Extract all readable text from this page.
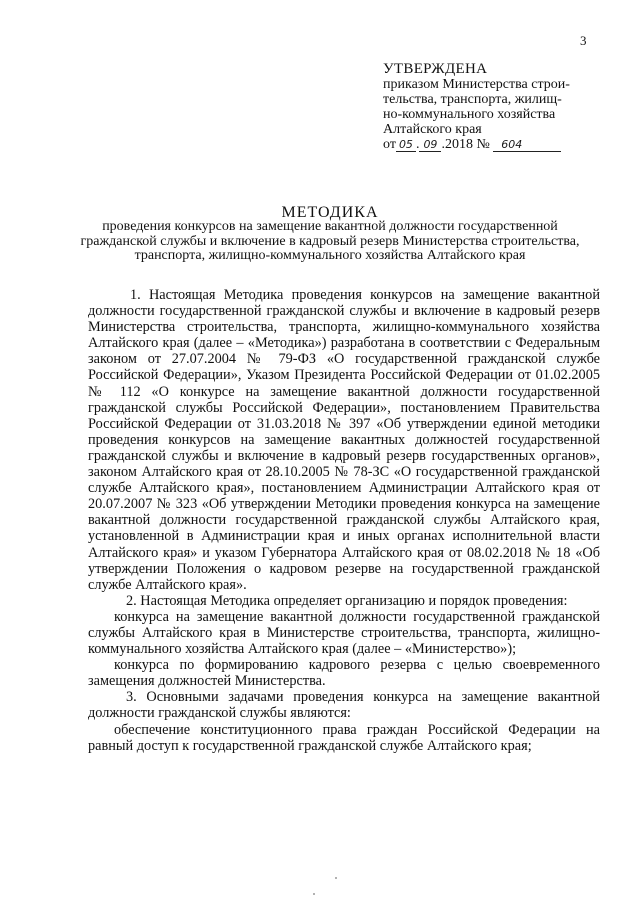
3
УТВЕРЖДЕНА
приказом Министерства строи-
тельства, транспорта, жилищ-
но-коммунального хозяйства
Алтайского края
от 05 . 09 .2018 № 604
МЕТОДИКА
проведения конкурсов на замещение вакантной должности государственной гражданской службы и включение в кадровый резерв Министерства строительства, транспорта, жилищно-коммунального хозяйства Алтайского края

1. Настоящая Методика проведения конкурсов на замещение вакантной должности государственной гражданской службы и включение в кадровый резерв Министерства строительства, транспорта, жилищно-коммунального хозяйства Алтайского края (далее – «Методика») разработана в соответствии с Федеральным законом от 27.07.2004 № 79-ФЗ «О государственной гражданской службе Российской Федерации», Указом Президента Российской Федерации от 01.02.2005 № 112 «О конкурсе на замещение вакантной должности государственной гражданской службы Российской Федерации», постановлением Правительства Российской Федерации от 31.03.2018 № 397 «Об утверждении единой методики проведения конкурсов на замещение вакантных должностей государственной гражданской службы и включение в кадровый резерв государственных органов», законом Алтайского края от 28.10.2005 № 78-ЗС «О государственной гражданской службе Алтайского края», постановлением Администрации Алтайского края от 20.07.2007 № 323 «Об утверждении Методики проведения конкурса на замещение вакантной должности государственной гражданской службы Алтайского края, установленной в Администрации края и иных органах исполнительной власти Алтайского края» и указом Губернатора Алтайского края от 08.02.2018 № 18 «Об утверждении Положения о кадровом резерве на государственной гражданской службе Алтайского края».

2. Настоящая Методика определяет организацию и порядок проведения:

конкурса на замещение вакантной должности государственной гражданской службы Алтайского края в Министерстве строительства, транспорта, жилищно-коммунального хозяйства Алтайского края (далее – «Министерство»);

конкурса по формированию кадрового резерва с целью своевременного замещения должностей Министерства.

3. Основными задачами проведения конкурса на замещение вакантной должности гражданской службы являются:

обеспечение конституционного права граждан Российской Федерации на равный доступ к государственной гражданской службе Алтайского края;
